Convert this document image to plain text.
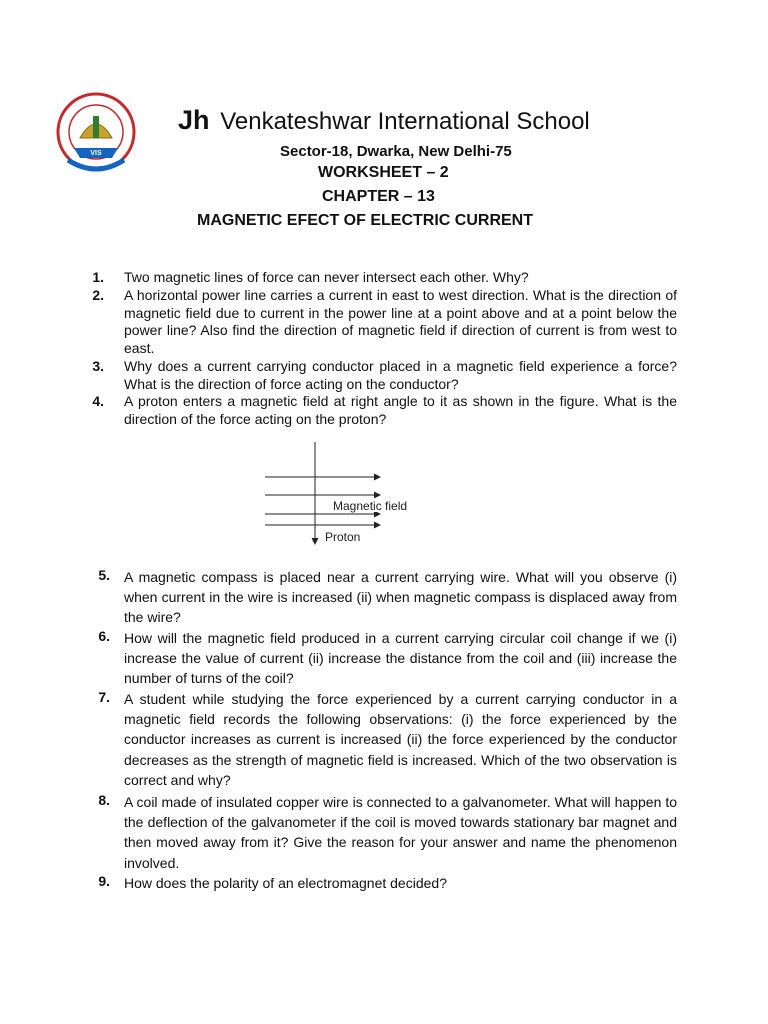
VIS
Jh Venkateshwar International School
Sector-18, Dwarka, New Delhi-75
WORKSHEET – 2
CHAPTER – 13
MAGNETIC EFECT OF ELECTRIC CURRENT
1. Two magnetic lines of force can never intersect each other. Why?
2. A horizontal power line carries a current in east to west direction. What is the direction of magnetic field due to current in the power line at a point above and at a point below the power line? Also find the direction of magnetic field if direction of current is from west to east.
3. Why does a current carrying conductor placed in a magnetic field experience a force? What is the direction of force acting on the conductor?
4. A proton enters a magnetic field at right angle to it as shown in the figure. What is the direction of the force acting on the proton?
Magnetic field
Proton
5. A magnetic compass is placed near a current carrying wire. What will you observe (i) when current in the wire is increased (ii) when magnetic compass is displaced away from the wire?
6. How will the magnetic field produced in a current carrying circular coil change if we (i) increase the value of current (ii) increase the distance from the coil and (iii) increase the number of turns of the coil?
7. A student while studying the force experienced by a current carrying conductor in a magnetic field records the following observations: (i) the force experienced by the conductor increases as current is increased (ii) the force experienced by the conductor decreases as the strength of magnetic field is increased. Which of the two observation is correct and why?
8. A coil made of insulated copper wire is connected to a galvanometer. What will happen to the deflection of the galvanometer if the coil is moved towards stationary bar magnet and then moved away from it? Give the reason for your answer and name the phenomenon involved.
9. How does the polarity of an electromagnet decided?
